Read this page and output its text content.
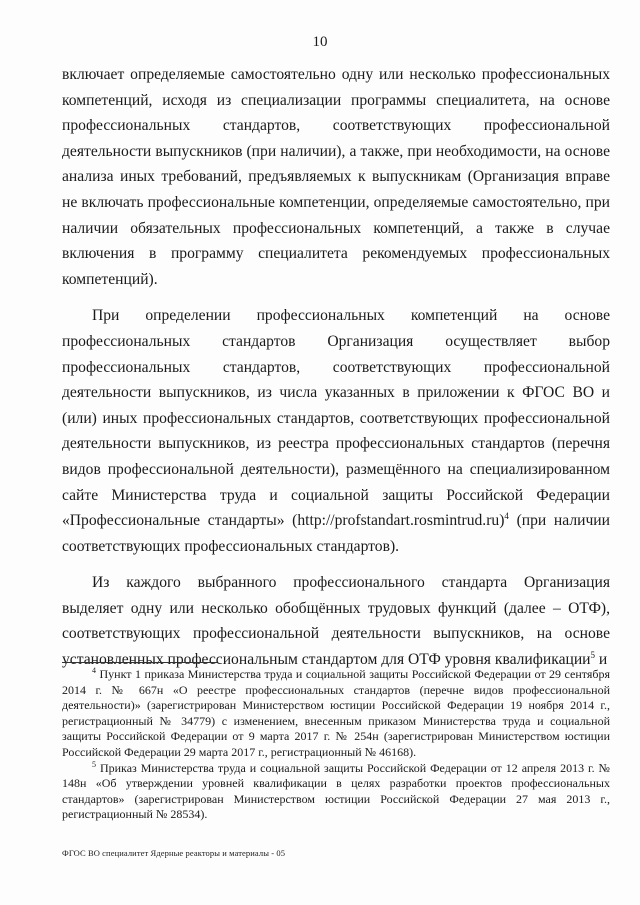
10

включает определяемые самостоятельно одну или несколько профессиональных компетенций, исходя из специализации программы специалитета, на основе профессиональных стандартов, соответствующих профессиональной деятельности выпускников (при наличии), а также, при необходимости, на основе анализа иных требований, предъявляемых к выпускникам (Организация вправе не включать профессиональные компетенции, определяемые самостоятельно, при наличии обязательных профессиональных компетенций, а также в случае включения в программу специалитета рекомендуемых профессиональных компетенций).

При определении профессиональных компетенций на основе профессиональных стандартов Организация осуществляет выбор профессиональных стандартов, соответствующих профессиональной деятельности выпускников, из числа указанных в приложении к ФГОС ВО и (или) иных профессиональных стандартов, соответствующих профессиональной деятельности выпускников, из реестра профессиональных стандартов (перечня видов профессиональной деятельности), размещённого на специализированном сайте Министерства труда и социальной защиты Российской Федерации «Профессиональные стандарты» (http://profstandart.rosmintrud.ru)$^4$ (при наличии соответствующих профессиональных стандартов).

Из каждого выбранного профессионального стандарта Организация выделяет одну или несколько обобщённых трудовых функций (далее – ОТФ), соответствующих профессиональной деятельности выпускников, на основе установленных профессиональным стандартом для ОТФ уровня квалификации$^5$ и

$^4$ Пункт 1 приказа Министерства труда и социальной защиты Российской Федерации от 29 сентября 2014 г. № 667н «О реестре профессиональных стандартов (перечне видов профессиональной деятельности)» (зарегистрирован Министерством юстиции Российской Федерации 19 ноября 2014 г., регистрационный № 34779) с изменением, внесенным приказом Министерства труда и социальной защиты Российской Федерации от 9 марта 2017 г. № 254н (зарегистрирован Министерством юстиции Российской Федерации 29 марта 2017 г., регистрационный № 46168).

$^5$ Приказ Министерства труда и социальной защиты Российской Федерации от 12 апреля 2013 г. № 148н «Об утверждении уровней квалификации в целях разработки проектов профессиональных стандартов» (зарегистрирован Министерством юстиции Российской Федерации 27 мая 2013 г., регистрационный № 28534).

ФГОС ВО специалитет Ядерные реакторы и материалы - 05
